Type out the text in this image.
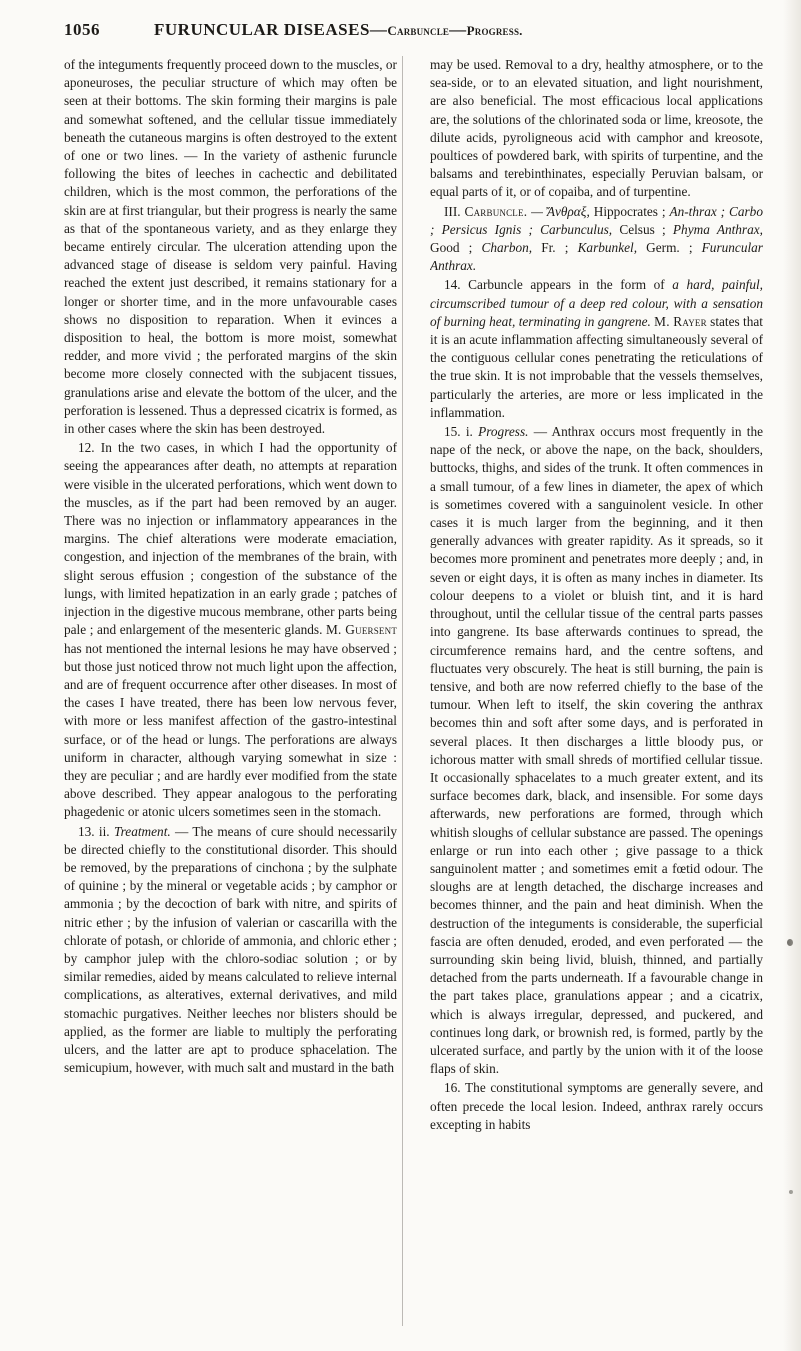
1056	FURUNCULAR DISEASES—Carbuncle—Progress.

of the integuments frequently proceed down to the muscles, or aponeuroses, the peculiar structure of which may often be seen at their bottoms. The skin forming their margins is pale and somewhat softened, and the cellular tissue immediately beneath the cutaneous margins is often destroyed to the extent of one or two lines. — In the variety of asthenic furuncle following the bites of leeches in cachectic and debilitated children, which is the most common, the perforations of the skin are at first triangular, but their progress is nearly the same as that of the spontaneous variety, and as they enlarge they became entirely circular. The ulceration attending upon the advanced stage of disease is seldom very painful. Having reached the extent just described, it remains stationary for a longer or shorter time, and in the more unfavourable cases shows no disposition to reparation. When it evinces a disposition to heal, the bottom is more moist, somewhat redder, and more vivid ; the perforated margins of the skin become more closely connected with the subjacent tissues, granulations arise and elevate the bottom of the ulcer, and the perforation is lessened. Thus a depressed cicatrix is formed, as in other cases where the skin has been destroyed.

12. In the two cases, in which I had the opportunity of seeing the appearances after death, no attempts at reparation were visible in the ulcerated perforations, which went down to the muscles, as if the part had been removed by an auger. There was no injection or inflammatory appearances in the margins. The chief alterations were moderate emaciation, congestion, and injection of the membranes of the brain, with slight serous effusion ; congestion of the substance of the lungs, with limited hepatization in an early grade ; patches of injection in the digestive mucous membrane, other parts being pale ; and enlargement of the mesenteric glands. M. Guersent has not mentioned the internal lesions he may have observed ; but those just noticed throw not much light upon the affection, and are of frequent occurrence after other diseases. In most of the cases I have treated, there has been low nervous fever, with more or less manifest affection of the gastro-intestinal surface, or of the head or lungs. The perforations are always uniform in character, although varying somewhat in size : they are peculiar ; and are hardly ever modified from the state above described. They appear analogous to the perforating phagedenic or atonic ulcers sometimes seen in the stomach.

13. ii. Treatment. — The means of cure should necessarily be directed chiefly to the constitutional disorder. This should be removed, by the preparations of cinchona ; by the sulphate of quinine ; by the mineral or vegetable acids ; by camphor or ammonia ; by the decoction of bark with nitre, and spirits of nitric ether ; by the infusion of valerian or cascarilla with the chlorate of potash, or chloride of ammonia, and chloric ether ; by camphor julep with the chloro-sodiac solution ; or by similar remedies, aided by means calculated to relieve internal complications, as alteratives, external derivatives, and mild stomachic purgatives. Neither leeches nor blisters should be applied, as the former are liable to multiply the perforating ulcers, and the latter are apt to produce sphacelation. The semicupium, however, with much salt and mustard in the bath

may be used. Removal to a dry, healthy atmosphere, or to the sea-side, or to an elevated situation, and light nourishment, are also beneficial. The most efficacious local applications are, the solutions of the chlorinated soda or lime, kreosote, the dilute acids, pyroligneous acid with camphor and kreosote, poultices of powdered bark, with spirits of turpentine, and the balsams and terebinthinates, especially Peruvian balsam, or equal parts of it, or of copaiba, and of turpentine.

III. Carbuncle. — Ἄνθραξ, Hippocrates ; An-thrax ; Carbo ; Persicus Ignis ; Carbunculus, Celsus ; Phyma Anthrax, Good ; Charbon, Fr. ; Karbunkel, Germ. ; Furuncular Anthrax.

14. Carbuncle appears in the form of a hard, painful, circumscribed tumour of a deep red colour, with a sensation of burning heat, terminating in gangrene. M. Rayer states that it is an acute inflammation affecting simultaneously several of the contiguous cellular cones penetrating the reticulations of the true skin. It is not improbable that the vessels themselves, particularly the arteries, are more or less implicated in the inflammation.

15. i. Progress. — Anthrax occurs most frequently in the nape of the neck, or above the nape, on the back, shoulders, buttocks, thighs, and sides of the trunk. It often commences in a small tumour, of a few lines in diameter, the apex of which is sometimes covered with a sanguinolent vesicle. In other cases it is much larger from the beginning, and it then generally advances with greater rapidity. As it spreads, so it becomes more prominent and penetrates more deeply ; and, in seven or eight days, it is often as many inches in diameter. Its colour deepens to a violet or bluish tint, and it is hard throughout, until the cellular tissue of the central parts passes into gangrene. Its base afterwards continues to spread, the circumference remains hard, and the centre softens, and fluctuates very obscurely. The heat is still burning, the pain is tensive, and both are now referred chiefly to the base of the tumour. When left to itself, the skin covering the anthrax becomes thin and soft after some days, and is perforated in several places. It then discharges a little bloody pus, or ichorous matter with small shreds of mortified cellular tissue. It occasionally sphacelates to a much greater extent, and its surface becomes dark, black, and insensible. For some days afterwards, new perforations are formed, through which whitish sloughs of cellular substance are passed. The openings enlarge or run into each other ; give passage to a thick sanguinolent matter ; and sometimes emit a fœtid odour. The sloughs are at length detached, the discharge increases and becomes thinner, and the pain and heat diminish. When the destruction of the integuments is considerable, the superficial fascia are often denuded, eroded, and even perforated — the surrounding skin being livid, bluish, thinned, and partially detached from the parts underneath. If a favourable change in the part takes place, granulations appear ; and a cicatrix, which is always irregular, depressed, and puckered, and continues long dark, or brownish red, is formed, partly by the ulcerated surface, and partly by the union with it of the loose flaps of skin.

16. The constitutional symptoms are generally severe, and often precede the local lesion. Indeed, anthrax rarely occurs excepting in habits
